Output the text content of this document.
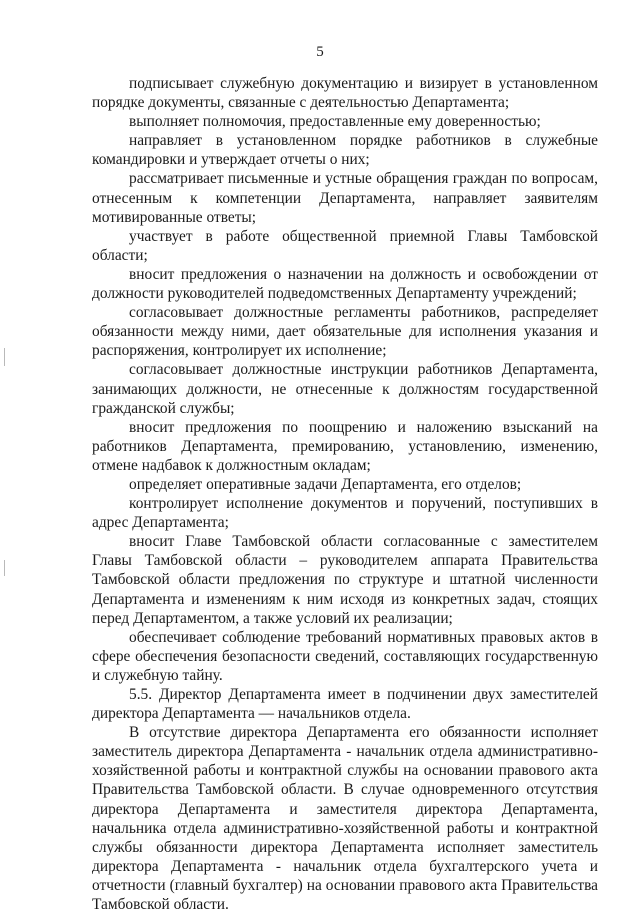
5

подписывает служебную документацию и визирует в установленном порядке документы, связанные с деятельностью Департамента;

выполняет полномочия, предоставленные ему доверенностью;

направляет в установленном порядке работников в служебные командировки и утверждает отчеты о них;

рассматривает письменные и устные обращения граждан по вопросам, отнесенным к компетенции Департамента, направляет заявителям мотивированные ответы;

участвует в работе общественной приемной Главы Тамбовской области;

вносит предложения о назначении на должность и освобождении от должности руководителей подведомственных Департаменту учреждений;

согласовывает должностные регламенты работников, распределяет обязанности между ними, дает обязательные для исполнения указания и распоряжения, контролирует их исполнение;

согласовывает должностные инструкции работников Департамента, занимающих должности, не отнесенные к должностям государственной гражданской службы;

вносит предложения по поощрению и наложению взысканий на работников Департамента, премированию, установлению, изменению, отмене надбавок к должностным окладам;

определяет оперативные задачи Департамента, его отделов;

контролирует исполнение документов и поручений, поступивших в адрес Департамента;

вносит Главе Тамбовской области согласованные с заместителем Главы Тамбовской области – руководителем аппарата Правительства Тамбовской области предложения по структуре и штатной численности Департамента и изменениям к ним исходя из конкретных задач, стоящих перед Департаментом, а также условий их реализации;

обеспечивает соблюдение требований нормативных правовых актов в сфере обеспечения безопасности сведений, составляющих государственную и служебную тайну.

5.5. Директор Департамента имеет в подчинении двух заместителей директора Департамента — начальников отдела.

В отсутствие директора Департамента его обязанности исполняет заместитель директора Департамента - начальник отдела административно-хозяйственной работы и контрактной службы на основании правового акта Правительства Тамбовской области. В случае одновременного отсутствия директора Департамента и заместителя директора Департамента, начальника отдела административно-хозяйственной работы и контрактной службы обязанности директора Департамента исполняет заместитель директора Департамента - начальник отдела бухгалтерского учета и отчетности (главный бухгалтер) на основании правового акта Правительства Тамбовской области.
